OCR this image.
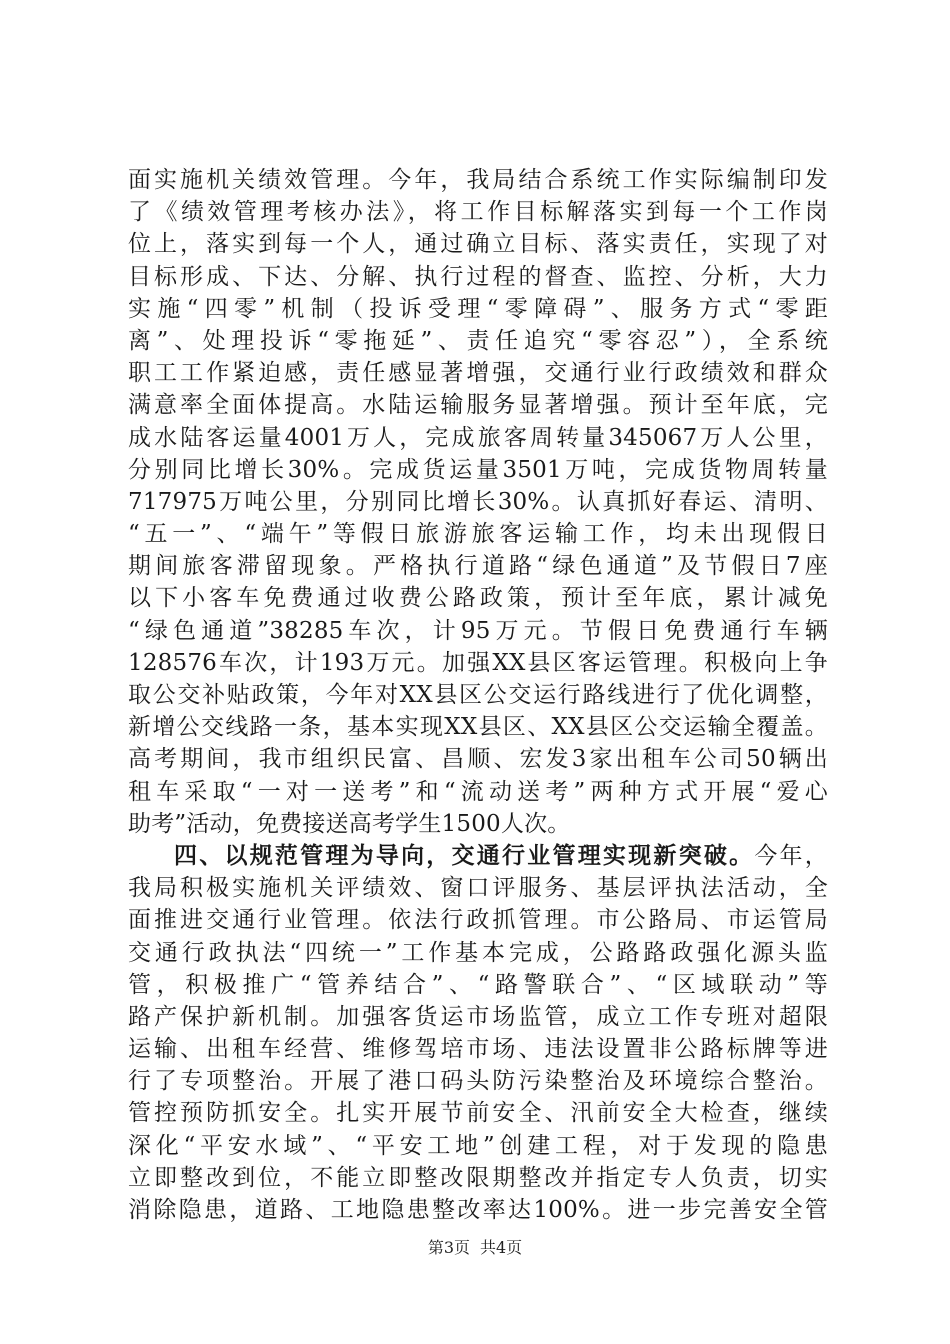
面实施机关绩效管理。今年，我局结合系统工作实际编制印发
了《绩效管理考核办法》，将工作目标解落实到每一个工作岗
位上，落实到每一个人，通过确立目标、落实责任，实现了对
目标形成、下达、分解、执行过程的督查、监控、分析，大力
实施“四零”机制（投诉受理“零障碍”、服务方式“零距
离”、处理投诉“零拖延”、责任追究“零容忍”），全系统
职工工作紧迫感，责任感显著增强，交通行业行政绩效和群众
满意率全面体提高。水陆运输服务显著增强。预计至年底，完
成水陆客运量4001万人，完成旅客周转量345067万人公里，
分别同比增长30%。完成货运量3501万吨，完成货物周转量
717975万吨公里，分别同比增长30%。认真抓好春运、清明、
“五一”、“端午”等假日旅游旅客运输工作，均未出现假日
期间旅客滞留现象。严格执行道路“绿色通道”及节假日7座
以下小客车免费通过收费公路政策，预计至年底，累计减免
“绿色通道”38285车次，计95万元。节假日免费通行车辆
128576车次，计193万元。加强XX县区客运管理。积极向上争
取公交补贴政策，今年对XX县区公交运行路线进行了优化调整，
新增公交线路一条，基本实现XX县区、XX县区公交运输全覆盖。
高考期间，我市组织民富、昌顺、宏发3家出租车公司50辆出
租车采取“一对一送考”和“流动送考”两种方式开展“爱心
助考”活动，免费接送高考学生1500人次。
四、以规范管理为导向，交通行业管理实现新突破。今年，
我局积极实施机关评绩效、窗口评服务、基层评执法活动，全
面推进交通行业管理。依法行政抓管理。市公路局、市运管局
交通行政执法“四统一”工作基本完成，公路路政强化源头监
管，积极推广“管养结合”、“路警联合”、“区域联动”等
路产保护新机制。加强客货运市场监管，成立工作专班对超限
运输、出租车经营、维修驾培市场、违法设置非公路标牌等进
行了专项整治。开展了港口码头防污染整治及环境综合整治。
管控预防抓安全。扎实开展节前安全、汛前安全大检查，继续
深化“平安水域”、“平安工地”创建工程，对于发现的隐患
立即整改到位，不能立即整改限期整改并指定专人负责，切实
消除隐患，道路、工地隐患整改率达100%。进一步完善安全管
第3页 共4页
